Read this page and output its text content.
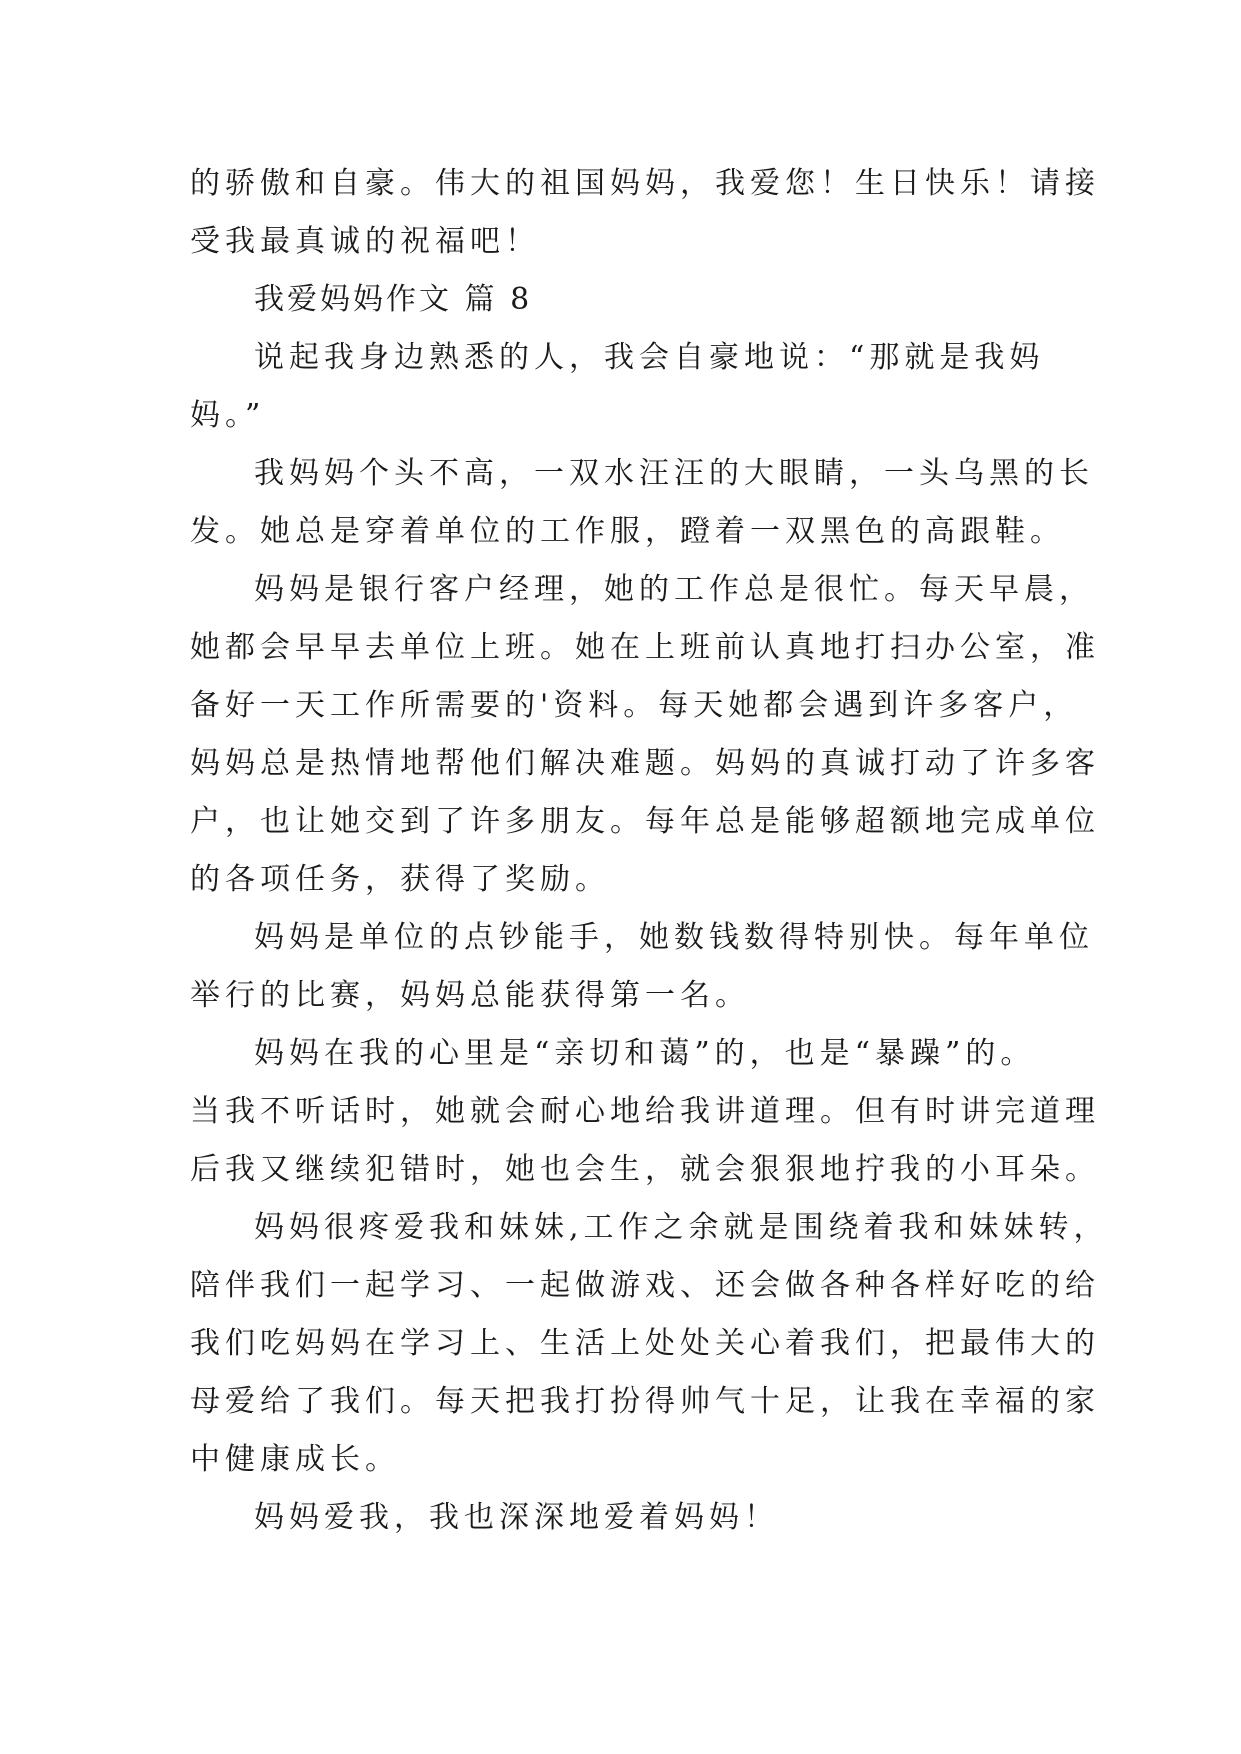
的骄傲和自豪。伟大的祖国妈妈，我爱您！生日快乐！请接
受我最真诚的祝福吧！
我爱妈妈作文 篇 8
说起我身边熟悉的人，我会自豪地说：“那就是我妈
妈。”
我妈妈个头不高，一双水汪汪的大眼睛，一头乌黑的长
发。她总是穿着单位的工作服，蹬着一双黑色的高跟鞋。
妈妈是银行客户经理，她的工作总是很忙。每天早晨，
她都会早早去单位上班。她在上班前认真地打扫办公室，准
备好一天工作所需要的'资料。每天她都会遇到许多客户，
妈妈总是热情地帮他们解决难题。妈妈的真诚打动了许多客
户，也让她交到了许多朋友。每年总是能够超额地完成单位
的各项任务，获得了奖励。
妈妈是单位的点钞能手，她数钱数得特别快。每年单位
举行的比赛，妈妈总能获得第一名。
妈妈在我的心里是“亲切和蔼”的，也是“暴躁”的。
当我不听话时，她就会耐心地给我讲道理。但有时讲完道理
后我又继续犯错时，她也会生，就会狠狠地拧我的小耳朵。
妈妈很疼爱我和妹妹,工作之余就是围绕着我和妹妹转，
陪伴我们一起学习、一起做游戏、还会做各种各样好吃的给
我们吃妈妈在学习上、生活上处处关心着我们，把最伟大的
母爱给了我们。每天把我打扮得帅气十足，让我在幸福的家
中健康成长。
妈妈爱我，我也深深地爱着妈妈！
